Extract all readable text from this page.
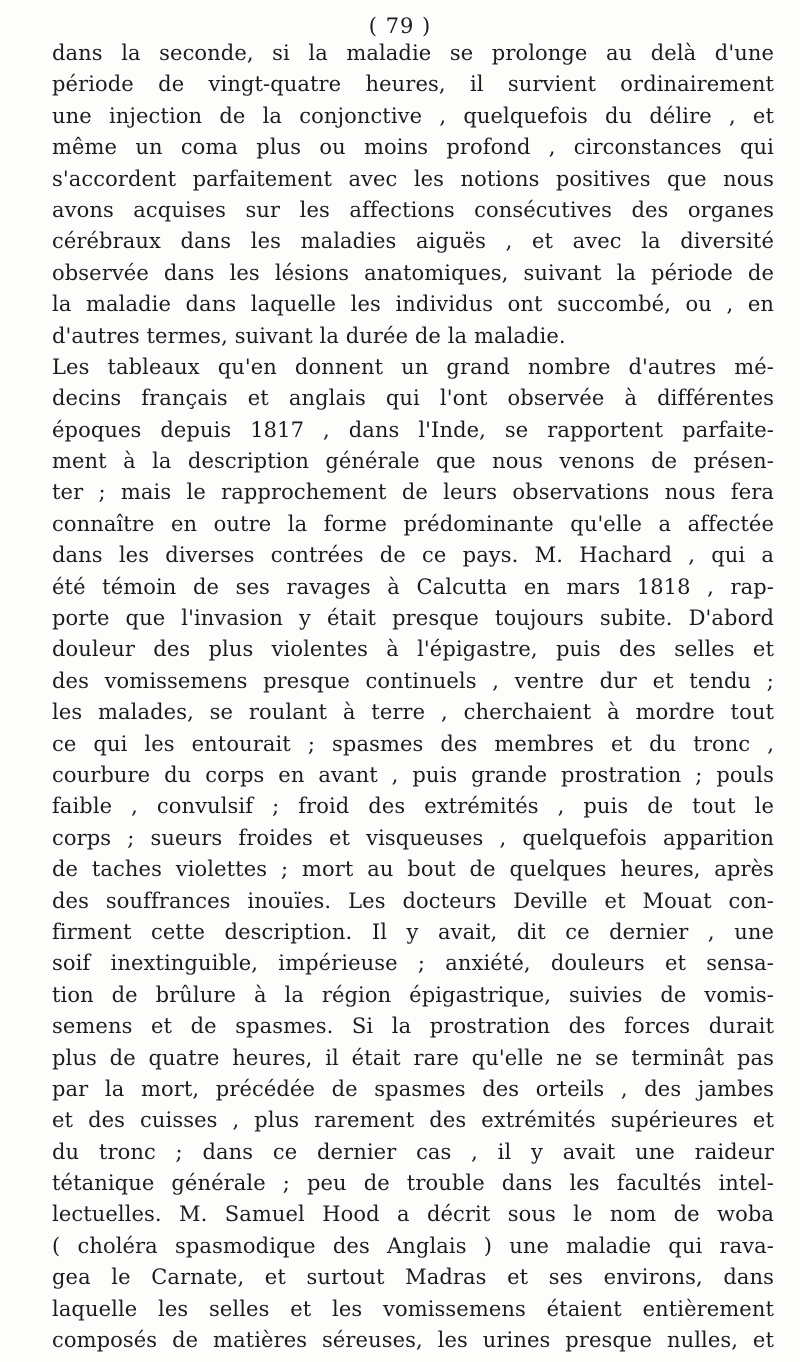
( 79 )
dans la seconde, si la maladie se prolonge au delà d'une
période de vingt-quatre heures, il survient ordinairement
une injection de la conjonctive , quelquefois du délire , et
même un coma plus ou moins profond , circonstances qui
s'accordent parfaitement avec les notions positives que nous
avons acquises sur les affections consécutives des organes
cérébraux dans les maladies aiguës , et avec la diversité
observée dans les lésions anatomiques, suivant la période de
la maladie dans laquelle les individus ont succombé, ou , en
d'autres termes, suivant la durée de la maladie.
Les tableaux qu'en donnent un grand nombre d'autres mé-
decins français et anglais qui l'ont observée à différentes
époques depuis 1817 , dans l'Inde, se rapportent parfaite-
ment à la description générale que nous venons de présen-
ter ; mais le rapprochement de leurs observations nous fera
connaître en outre la forme prédominante qu'elle a affectée
dans les diverses contrées de ce pays. M. Hachard , qui a
été témoin de ses ravages à Calcutta en mars 1818 , rap-
porte que l'invasion y était presque toujours subite. D'abord
douleur des plus violentes à l'épigastre, puis des selles et
des vomissemens presque continuels , ventre dur et tendu ;
les malades, se roulant à terre , cherchaient à mordre tout
ce qui les entourait ; spasmes des membres et du tronc ,
courbure du corps en avant , puis grande prostration ; pouls
faible , convulsif ; froid des extrémités , puis de tout le
corps ; sueurs froides et visqueuses , quelquefois apparition
de taches violettes ; mort au bout de quelques heures, après
des souffrances inouïes. Les docteurs Deville et Mouat con-
firment cette description. Il y avait, dit ce dernier , une
soif inextinguible, impérieuse ; anxiété, douleurs et sensa-
tion de brûlure à la région épigastrique, suivies de vomis-
semens et de spasmes. Si la prostration des forces durait
plus de quatre heures, il était rare qu'elle ne se terminât pas
par la mort, précédée de spasmes des orteils , des jambes
et des cuisses , plus rarement des extrémités supérieures et
du tronc ; dans ce dernier cas , il y avait une raideur
tétanique générale ; peu de trouble dans les facultés intel-
lectuelles. M. Samuel Hood a décrit sous le nom de woba
( choléra spasmodique des Anglais ) une maladie qui rava-
gea le Carnate, et surtout Madras et ses environs, dans
laquelle les selles et les vomissemens étaient entièrement
composés de matières séreuses, les urines presque nulles, et
